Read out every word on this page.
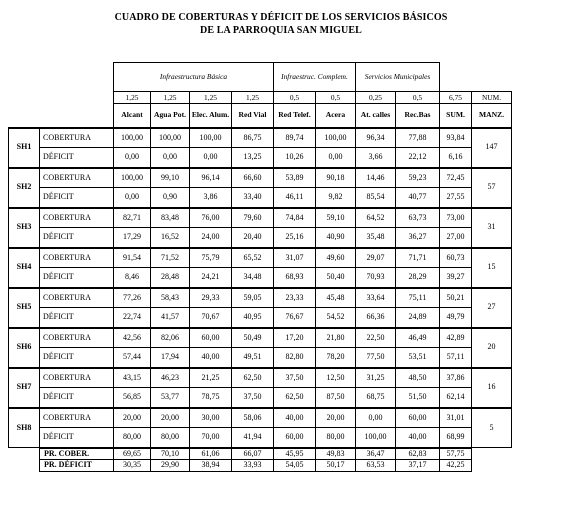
CUADRO DE COBERTURAS Y DÉFICIT DE LOS SERVICIOS BÁSICOS
DE LA PARROQUIA SAN MIGUEL
		Infraestructura Básica				Infraestruc. Complem.		Servicios Municipales			
		1,25	1,25	1,25	1,25	0,5	0,5	0,25	0,5	6,75	NUM.
		Alcant	Agua Pot.	Elec. Alum.	Red Vial	Red Telef.	Acera	At. calles	Rec.Bas	SUM.	MANZ.
SH1	COBERTURA	100,00	100,00	100,00	86,75	89,74	100,00	96,34	77,88	93,84	147
	DÉFICIT	0,00	0,00	0,00	13,25	10,26	0,00	3,66	22,12	6,16	
SH2	COBERTURA	100,00	99,10	96,14	66,60	53,89	90,18	14,46	59,23	72,45	57
	DÉFICIT	0,00	0,90	3,86	33,40	46,11	9,82	85,54	40,77	27,55	
SH3	COBERTURA	82,71	83,48	76,00	79,60	74,84	59,10	64,52	63,73	73,00	31
	DÉFICIT	17,29	16,52	24,00	20,40	25,16	40,90	35,48	36,27	27,00	
SH4	COBERTURA	91,54	71,52	75,79	65,52	31,07	49,60	29,07	71,71	60,73	15
	DÉFICIT	8,46	28,48	24,21	34,48	68,93	50,40	70,93	28,29	39,27	
SH5	COBERTURA	77,26	58,43	29,33	59,05	23,33	45,48	33,64	75,11	50,21	27
	DÉFICIT	22,74	41,57	70,67	40,95	76,67	54,52	66,36	24,89	49,79	
SH6	COBERTURA	42,56	82,06	60,00	50,49	17,20	21,80	22,50	46,49	42,89	20
	DÉFICIT	57,44	17,94	40,00	49,51	82,80	78,20	77,50	53,51	57,11	
SH7	COBERTURA	43,15	46,23	21,25	62,50	37,50	12,50	31,25	48,50	37,86	16
	DÉFICIT	56,85	53,77	78,75	37,50	62,50	87,50	68,75	51,50	62,14	
SH8	COBERTURA	20,00	20,00	30,00	58,06	40,00	20,00	0,00	60,00	31,01	5
	DÉFICIT	80,00	80,00	70,00	41,94	60,00	80,00	100,00	40,00	68,99	
	PR. COBER.	69,65	70,10	61,06	66,07	45,95	49,83	36,47	62,83	57,75	
	PR. DÉFICIT	30,35	29,90	38,94	33,93	54,05	50,17	63,53	37,17	42,25	
